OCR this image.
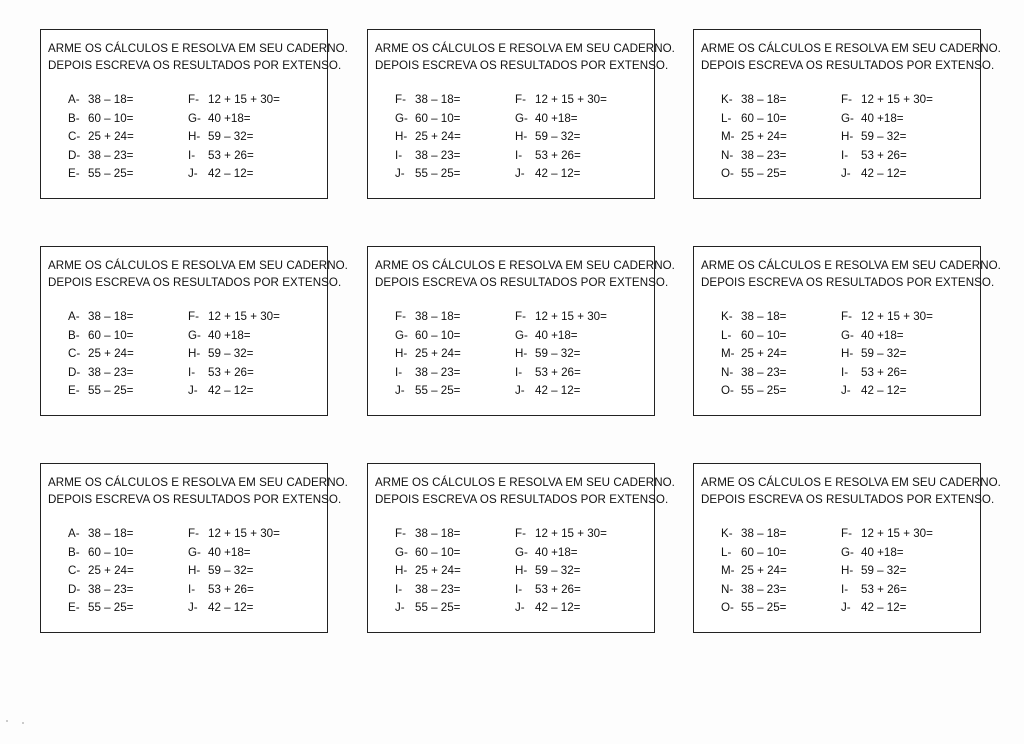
ARME OS CÁLCULOS E RESOLVA EM SEU CADERNO.
DEPOIS ESCREVA OS RESULTADOS POR EXTENSO.
A- 38 – 18=
B- 60 – 10=
C- 25 + 24=
D- 38 – 23=
E- 55 – 25=
F- 12 + 15 + 30=
G- 40 +18=
H- 59 – 32=
I- 53 + 26=
J- 42 – 12=
ARME OS CÁLCULOS E RESOLVA EM SEU CADERNO.
DEPOIS ESCREVA OS RESULTADOS POR EXTENSO.
F- 38 – 18=
G- 60 – 10=
H- 25 + 24=
I- 38 – 23=
J- 55 – 25=
F- 12 + 15 + 30=
G- 40 +18=
H- 59 – 32=
I- 53 + 26=
J- 42 – 12=
ARME OS CÁLCULOS E RESOLVA EM SEU CADERNO.
DEPOIS ESCREVA OS RESULTADOS POR EXTENSO.
K- 38 – 18=
L- 60 – 10=
M- 25 + 24=
N- 38 – 23=
O- 55 – 25=
F- 12 + 15 + 30=
G- 40 +18=
H- 59 – 32=
I- 53 + 26=
J- 42 – 12=
ARME OS CÁLCULOS E RESOLVA EM SEU CADERNO.
DEPOIS ESCREVA OS RESULTADOS POR EXTENSO.
A- 38 – 18=
B- 60 – 10=
C- 25 + 24=
D- 38 – 23=
E- 55 – 25=
F- 12 + 15 + 30=
G- 40 +18=
H- 59 – 32=
I- 53 + 26=
J- 42 – 12=
ARME OS CÁLCULOS E RESOLVA EM SEU CADERNO.
DEPOIS ESCREVA OS RESULTADOS POR EXTENSO.
F- 38 – 18=
G- 60 – 10=
H- 25 + 24=
I- 38 – 23=
J- 55 – 25=
F- 12 + 15 + 30=
G- 40 +18=
H- 59 – 32=
I- 53 + 26=
J- 42 – 12=
ARME OS CÁLCULOS E RESOLVA EM SEU CADERNO.
DEPOIS ESCREVA OS RESULTADOS POR EXTENSO.
K- 38 – 18=
L- 60 – 10=
M- 25 + 24=
N- 38 – 23=
O- 55 – 25=
F- 12 + 15 + 30=
G- 40 +18=
H- 59 – 32=
I- 53 + 26=
J- 42 – 12=
ARME OS CÁLCULOS E RESOLVA EM SEU CADERNO.
DEPOIS ESCREVA OS RESULTADOS POR EXTENSO.
A- 38 – 18=
B- 60 – 10=
C- 25 + 24=
D- 38 – 23=
E- 55 – 25=
F- 12 + 15 + 30=
G- 40 +18=
H- 59 – 32=
I- 53 + 26=
J- 42 – 12=
ARME OS CÁLCULOS E RESOLVA EM SEU CADERNO.
DEPOIS ESCREVA OS RESULTADOS POR EXTENSO.
F- 38 – 18=
G- 60 – 10=
H- 25 + 24=
I- 38 – 23=
J- 55 – 25=
F- 12 + 15 + 30=
G- 40 +18=
H- 59 – 32=
I- 53 + 26=
J- 42 – 12=
ARME OS CÁLCULOS E RESOLVA EM SEU CADERNO.
DEPOIS ESCREVA OS RESULTADOS POR EXTENSO.
K- 38 – 18=
L- 60 – 10=
M- 25 + 24=
N- 38 – 23=
O- 55 – 25=
F- 12 + 15 + 30=
G- 40 +18=
H- 59 – 32=
I- 53 + 26=
J- 42 – 12=
